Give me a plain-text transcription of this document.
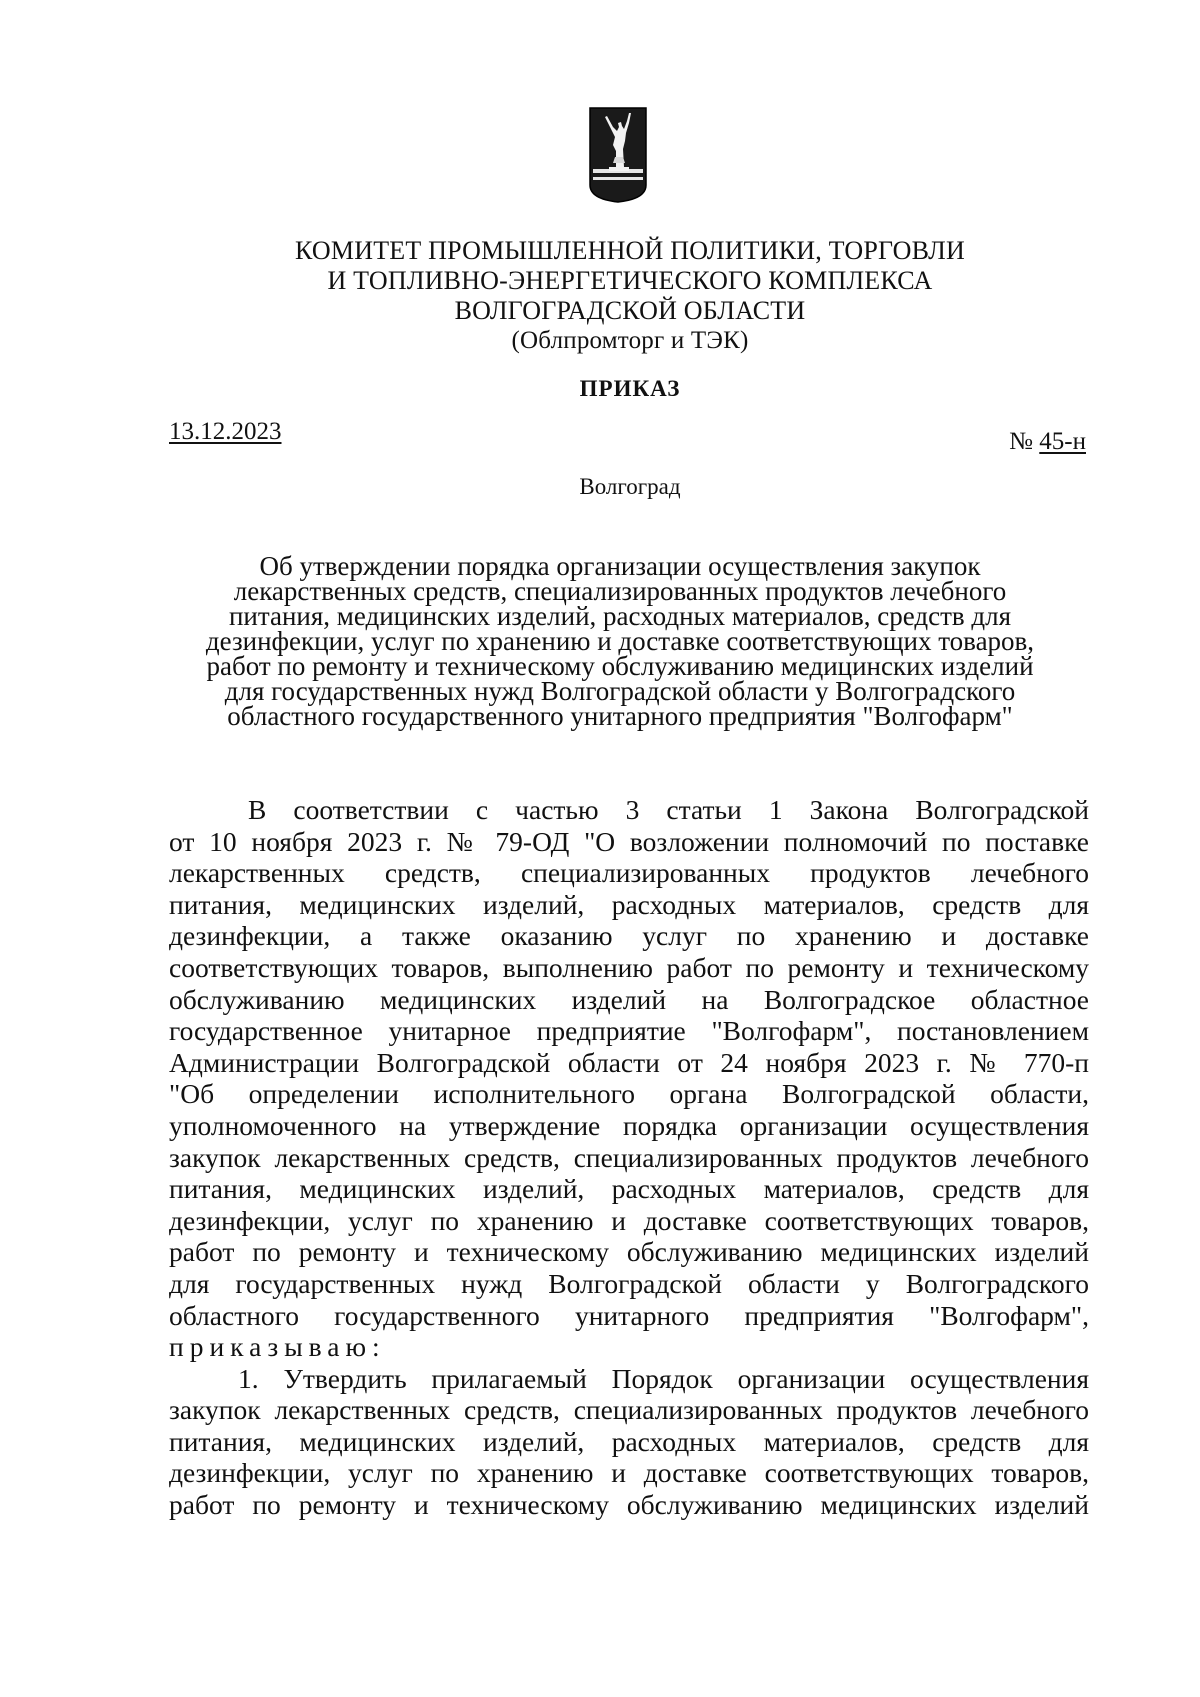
КОМИТЕТ ПРОМЫШЛЕННОЙ ПОЛИТИКИ, ТОРГОВЛИ
И ТОПЛИВНО-ЭНЕРГЕТИЧЕСКОГО КОМПЛЕКСА
ВОЛГОГРАДСКОЙ ОБЛАСТИ
(Облпромторг и ТЭК)
ПРИКАЗ
13.12.2023	№ 45-н
Волгоград
Об утверждении порядка организации осуществления закупок
лекарственных средств, специализированных продуктов лечебного
питания, медицинских изделий, расходных материалов, средств для
дезинфекции, услуг по хранению и доставке соответствующих товаров,
работ по ремонту и техническому обслуживанию медицинских изделий
для государственных нужд Волгоградской области у Волгоградского
областного государственного унитарного предприятия "Волгофарм"
В соответствии с частью 3 статьи 1 Закона Волгоградской
от 10 ноября 2023 г. № 79-ОД "О возложении полномочий по поставке
лекарственных средств, специализированных продуктов лечебного
питания, медицинских изделий, расходных материалов, средств для
дезинфекции, а также оказанию услуг по хранению и доставке
соответствующих товаров, выполнению работ по ремонту и техническому
обслуживанию медицинских изделий на Волгоградское областное
государственное унитарное предприятие "Волгофарм", постановлением
Администрации Волгоградской области от 24 ноября 2023 г. № 770-п
"Об определении исполнительного органа Волгоградской области,
уполномоченного на утверждение порядка организации осуществления
закупок лекарственных средств, специализированных продуктов лечебного
питания, медицинских изделий, расходных материалов, средств для
дезинфекции, услуг по хранению и доставке соответствующих товаров,
работ по ремонту и техническому обслуживанию медицинских изделий
для государственных нужд Волгоградской области у Волгоградского
областного государственного унитарного предприятия "Волгофарм",
приказываю:
1. Утвердить прилагаемый Порядок организации осуществления
закупок лекарственных средств, специализированных продуктов лечебного
питания, медицинских изделий, расходных материалов, средств для
дезинфекции, услуг по хранению и доставке соответствующих товаров,
работ по ремонту и техническому обслуживанию медицинских изделий
